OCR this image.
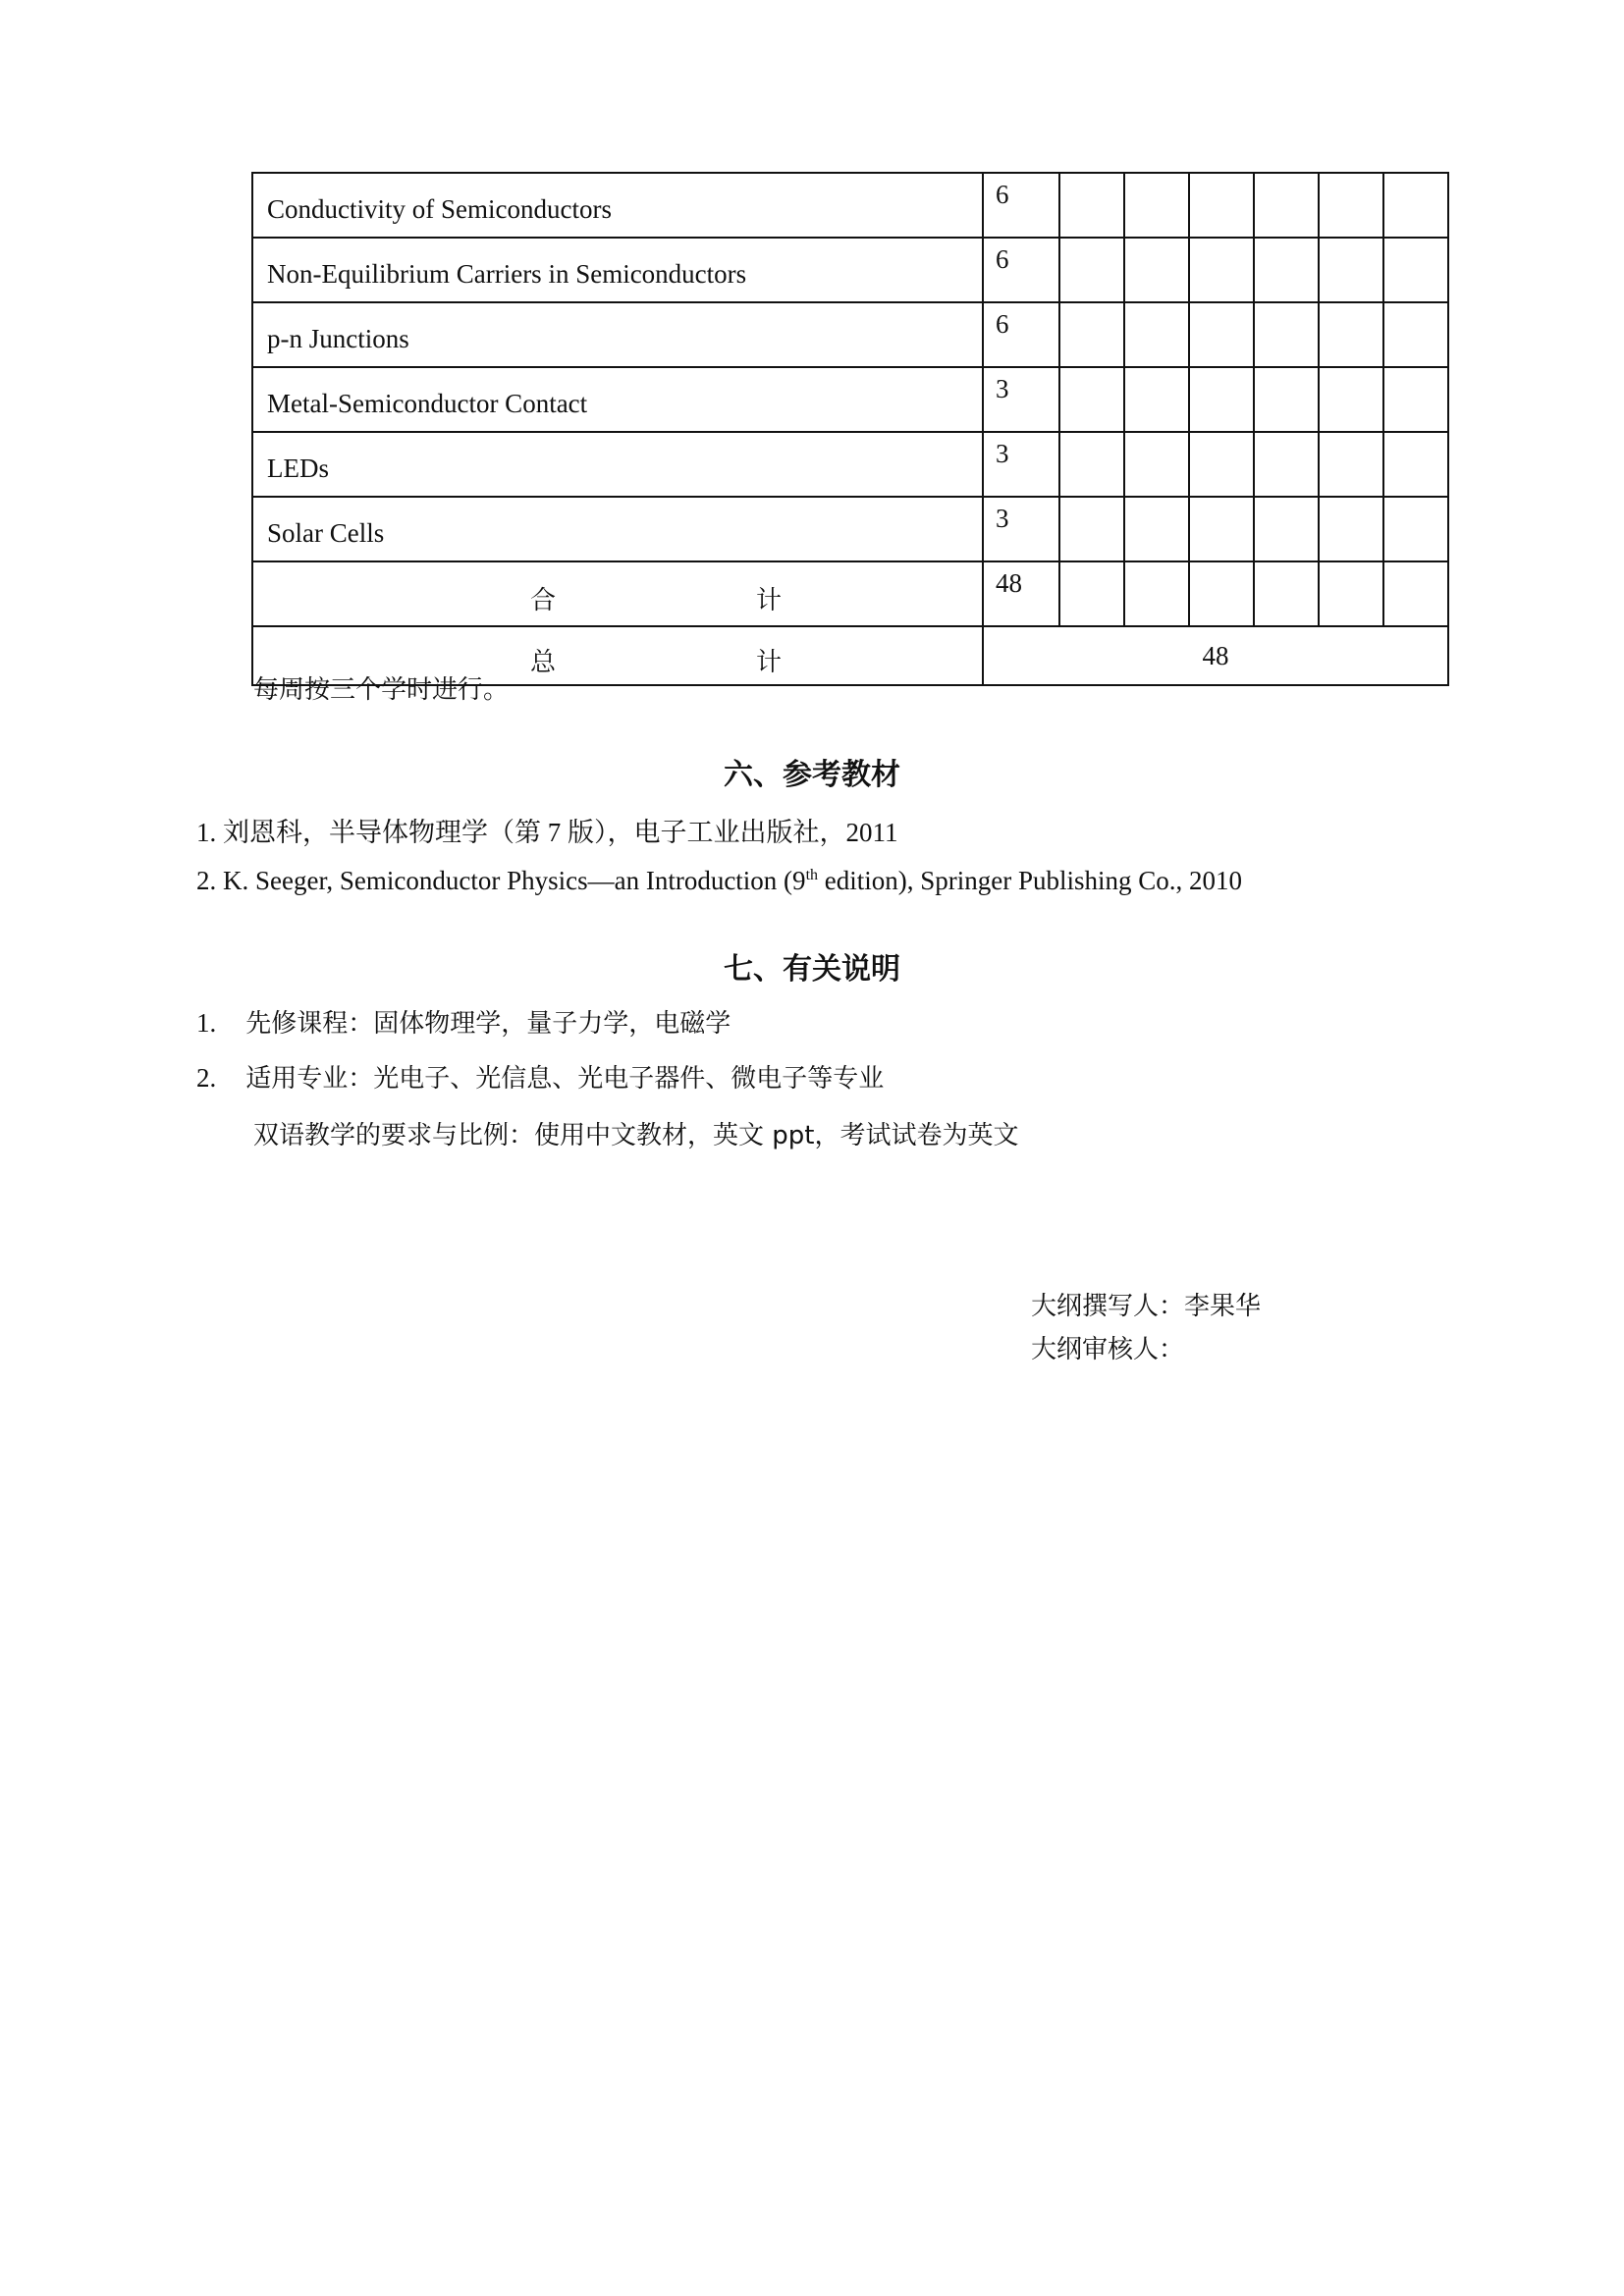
Conductivity of Semiconductors	6						
Non-Equilibrium Carriers in Semiconductors	6						
p-n Junctions	6						
Metal-Semiconductor Contact	3						
LEDs	3						
Solar Cells	3						
合 计	48						
总 计	48						
每周按三个学时进行。
六、参考教材
1. 刘恩科，半导体物理学（第 7 版），电子工业出版社，2011
2. K. Seeger, Semiconductor Physics—an Introduction (9th edition), Springer Publishing Co., 2010
七、有关说明
1. 先修课程：固体物理学，量子力学，电磁学
2. 适用专业：光电子、光信息、光电子器件、微电子等专业
双语教学的要求与比例：使用中文教材，英文 ppt，考试试卷为英文
大纲撰写人：李果华
大纲审核人：
